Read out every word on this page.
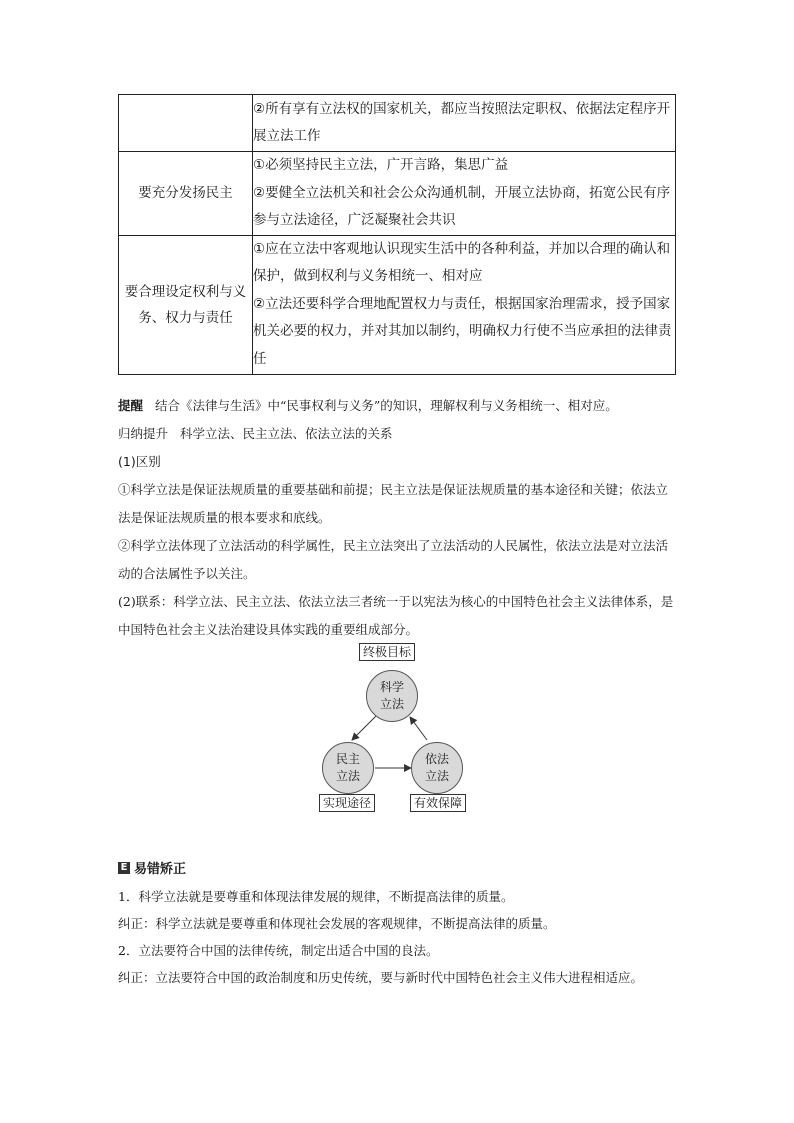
	②所有享有立法权的国家机关，都应当按照法定职权、依据法定程序开展立法工作

要充分发扬民主	①必须坚持民主立法，广开言路，集思广益

②要健全立法机关和社会公众沟通机制，开展立法协商，拓宽公民有序参与立法途径，广泛凝聚社会共识

要合理设定权利与义务、权力与责任	①应在立法中客观地认识现实生活中的各种利益，并加以合理的确认和保护，做到权利与义务相统一、相对应

②立法还要科学合理地配置权力与责任，根据国家治理需求，授予国家机关必要的权力，并对其加以制约，明确权力行使不当应承担的法律责任

提醒 结合《法律与生活》中“民事权利与义务”的知识，理解权利与义务相统一、相对应。

归纳提升 科学立法、民主立法、依法立法的关系

(1)区别

①科学立法是保证法规质量的重要基础和前提；民主立法是保证法规质量的基本途径和关键；依法立法是保证法规质量的根本要求和底线。

②科学立法体现了立法活动的科学属性，民主立法突出了立法活动的人民属性，依法立法是对立法活动的合法属性予以关注。

(2)联系：科学立法、民主立法、依法立法三者统一于以宪法为核心的中国特色社会主义法律体系，是中国特色社会主义法治建设具体实践的重要组成部分。

终极目标
科学
立法
民主
立法
依法
立法
实现途径	有效保障
E 易错矫正

1．科学立法就是要尊重和体现法律发展的规律，不断提高法律的质量。

纠正：科学立法就是要尊重和体现社会发展的客观规律，不断提高法律的质量。

2．立法要符合中国的法律传统，制定出适合中国的良法。

纠正：立法要符合中国的政治制度和历史传统，要与新时代中国特色社会主义伟大进程相适应。
